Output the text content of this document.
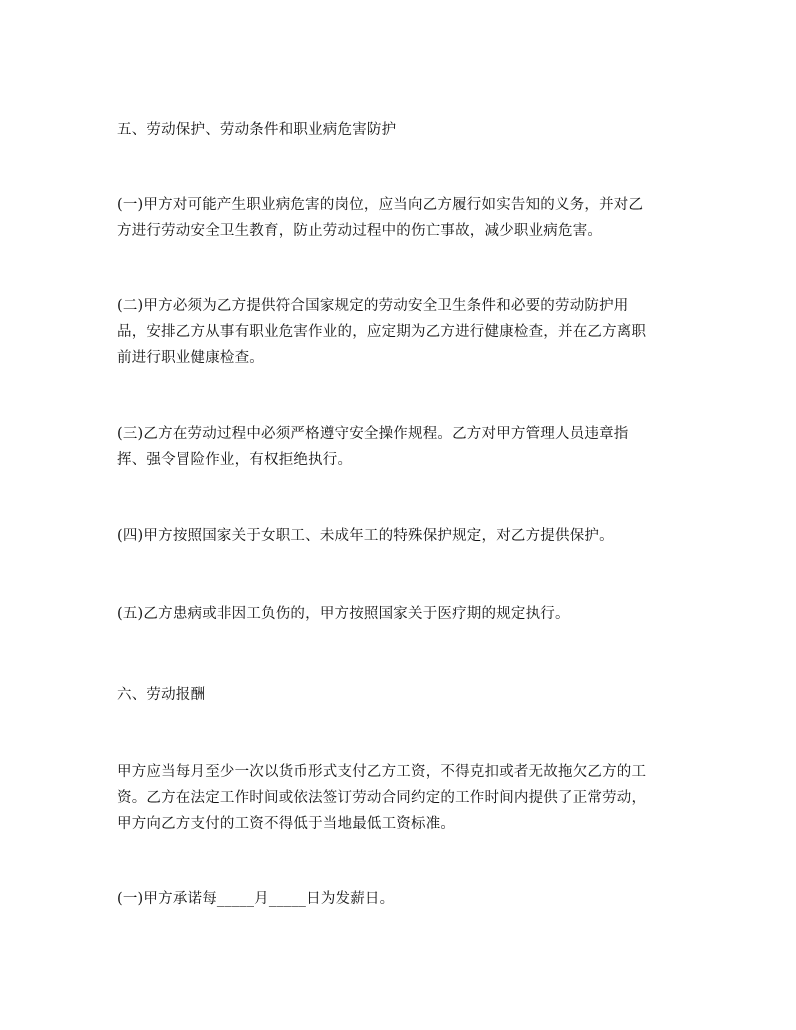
五、劳动保护、劳动条件和职业病危害防护

(一)甲方对可能产生职业病危害的岗位，应当向乙方履行如实告知的义务，并对乙
方进行劳动安全卫生教育，防止劳动过程中的伤亡事故，减少职业病危害。

(二)甲方必须为乙方提供符合国家规定的劳动安全卫生条件和必要的劳动防护用
品，安排乙方从事有职业危害作业的，应定期为乙方进行健康检查，并在乙方离职
前进行职业健康检查。

(三)乙方在劳动过程中必须严格遵守安全操作规程。乙方对甲方管理人员违章指
挥、强令冒险作业，有权拒绝执行。

(四)甲方按照国家关于女职工、未成年工的特殊保护规定，对乙方提供保护。

(五)乙方患病或非因工负伤的，甲方按照国家关于医疗期的规定执行。

六、劳动报酬

甲方应当每月至少一次以货币形式支付乙方工资，不得克扣或者无故拖欠乙方的工
资。乙方在法定工作时间或依法签订劳动合同约定的工作时间内提供了正常劳动，
甲方向乙方支付的工资不得低于当地最低工资标准。

(一)甲方承诺每_____月_____日为发薪日。
